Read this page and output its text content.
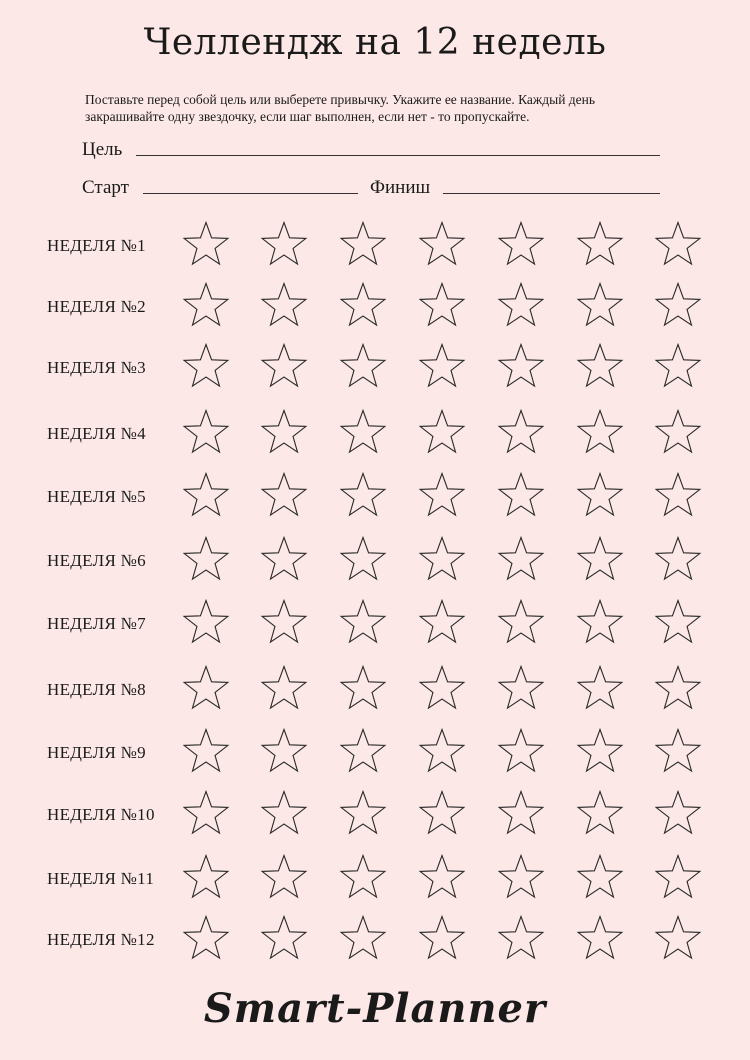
Челлендж на 12 недель
Поставьте перед собой цель или выберете привычку. Укажите ее название. Каждый день
закрашивайте одну звездочку, если шаг выполнен, если нет - то пропускайте.
Цель
Старт	Финиш
НЕДЕЛЯ №1
НЕДЕЛЯ №2
НЕДЕЛЯ №3
НЕДЕЛЯ №4
НЕДЕЛЯ №5
НЕДЕЛЯ №6
НЕДЕЛЯ №7
НЕДЕЛЯ №8
НЕДЕЛЯ №9
НЕДЕЛЯ №10
НЕДЕЛЯ №11
НЕДЕЛЯ №12
Smart-Planner
